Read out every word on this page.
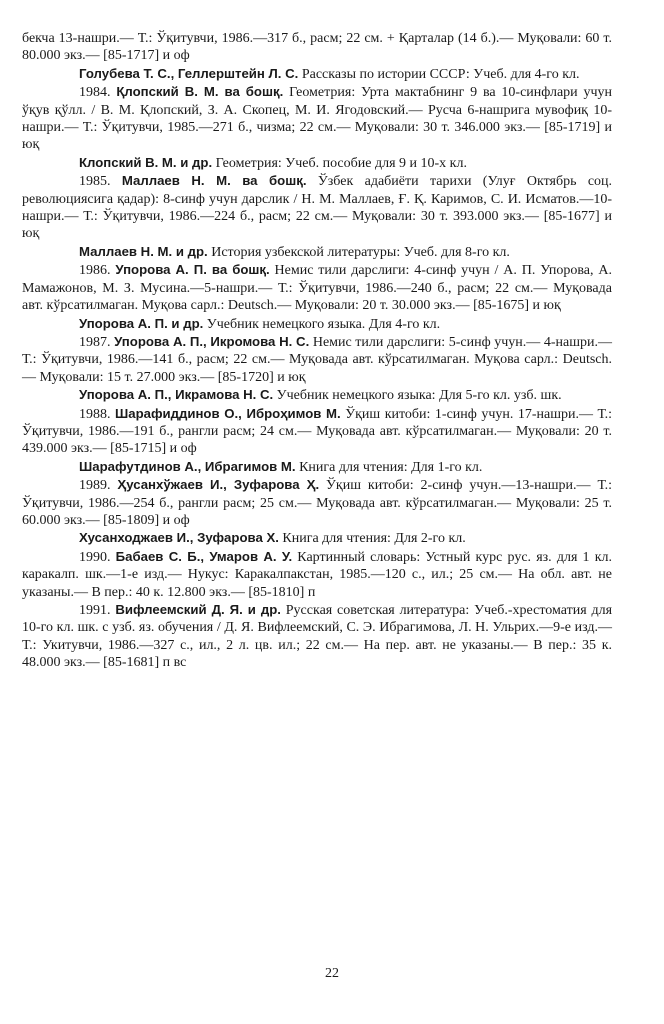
бекча 13-нашри.— Т.: Ўқитувчи, 1986.—317 б., расм; 22 см. + Қарталар (14 б.).— Муқовали: 60 т. 80.000 экз.— [85-1717] и оф

Голубева Т. С., Геллерштейн Л. С. Рассказы по истории СССР: Учеб. для 4-го кл.

1984. Қлопский В. М. ва бошқ. Геометрия: Урта мактабнинг 9 ва 10-синфлари учун ўқув қўлл. / В. М. Қлопский, З. А. Скопец, М. И. Ягодовский.— Русча 6-нашрига мувофиқ 10-нашри.— Т.: Ўқитувчи, 1985.—271 б., чизма; 22 см.— Муқовали: 30 т. 346.000 экз.— [85-1719] и юқ

Клопский В. М. и др. Геометрия: Учеб. пособие для 9 и 10-х кл.

1985. Маллаев Н. М. ва бошқ. Ўзбек адабиёти тарихи (Улуғ Октябрь соц. революциясига қадар): 8-синф учун дарслик / Н. М. Маллаев, Ғ. Қ. Каримов, С. И. Исматов.—10-нашри.— Т.: Ўқитувчи, 1986.—224 б., расм; 22 см.— Муқовали: 30 т. 393.000 экз.— [85-1677] и юқ

Маллаев Н. М. и др. История узбекской литературы: Учеб. для 8-го кл.

1986. Упорова А. П. ва бошқ. Немис тили дарслиги: 4-синф учун / А. П. Упорова, А. Мамажонов, М. З. Мусина.—5-нашри.— Т.: Ўқитувчи, 1986.—240 б., расм; 22 см.— Муқовада авт. кўрсатилмаган. Муқова сарл.: Deutsch.— Муқовали: 20 т. 30.000 экз.— [85-1675] и юқ

Упорова А. П. и др. Учебник немецкого языка. Для 4-го кл.

1987. Упорова А. П., Икромова Н. С. Немис тили дарслиги: 5-синф учун.— 4-нашри.— Т.: Ўқитувчи, 1986.—141 б., расм; 22 см.— Муқовада авт. кўрсатилмаган. Муқова сарл.: Deutsch.— Муқовали: 15 т. 27.000 экз.— [85-1720] и юқ

Упорова А. П., Икрамова Н. С. Учебник немецкого языка: Для 5-го кл. узб. шк.

1988. Шарафиддинов О., Иброҳимов М. Ўқиш китоби: 1-синф учун. 17-нашри.— Т.: Ўқитувчи, 1986.—191 б., рангли расм; 24 см.— Муқовада авт. кўрсатилмаган.— Муқовали: 20 т. 439.000 экз.— [85-1715] и оф

Шарафутдинов А., Ибрагимов М. Книга для чтения: Для 1-го кл.

1989. Ҳусанхўжаев И., Зуфарова Ҳ. Ўқиш китоби: 2-синф учун.—13-нашри.— Т.: Ўқитувчи, 1986.—254 б., рангли расм; 25 см.— Муқовада авт. кўрсатилмаган.— Муқовали: 25 т. 60.000 экз.— [85-1809] и оф

Хусанходжаев И., Зуфарова Х. Книга для чтения: Для 2-го кл.

1990. Бабаев С. Б., Умаров А. У. Картинный словарь: Устный курс рус. яз. для 1 кл. каракалп. шк.—1-е изд.— Нукус: Каракалпакстан, 1985.—120 с., ил.; 25 см.— На обл. авт. не указаны.— В пер.: 40 к. 12.800 экз.— [85-1810] п

1991. Вифлеемский Д. Я. и др. Русская советская литература: Учеб.-хрестоматия для 10-го кл. шк. с узб. яз. обучения / Д. Я. Вифлеемский, С. Э. Ибрагимова, Л. Н. Ульрих.—9-е изд.— Т.: Укитувчи, 1986.—327 с., ил., 2 л. цв. ил.; 22 см.— На пер. авт. не указаны.— В пер.: 35 к. 48.000 экз.— [85-1681] п вс

22
